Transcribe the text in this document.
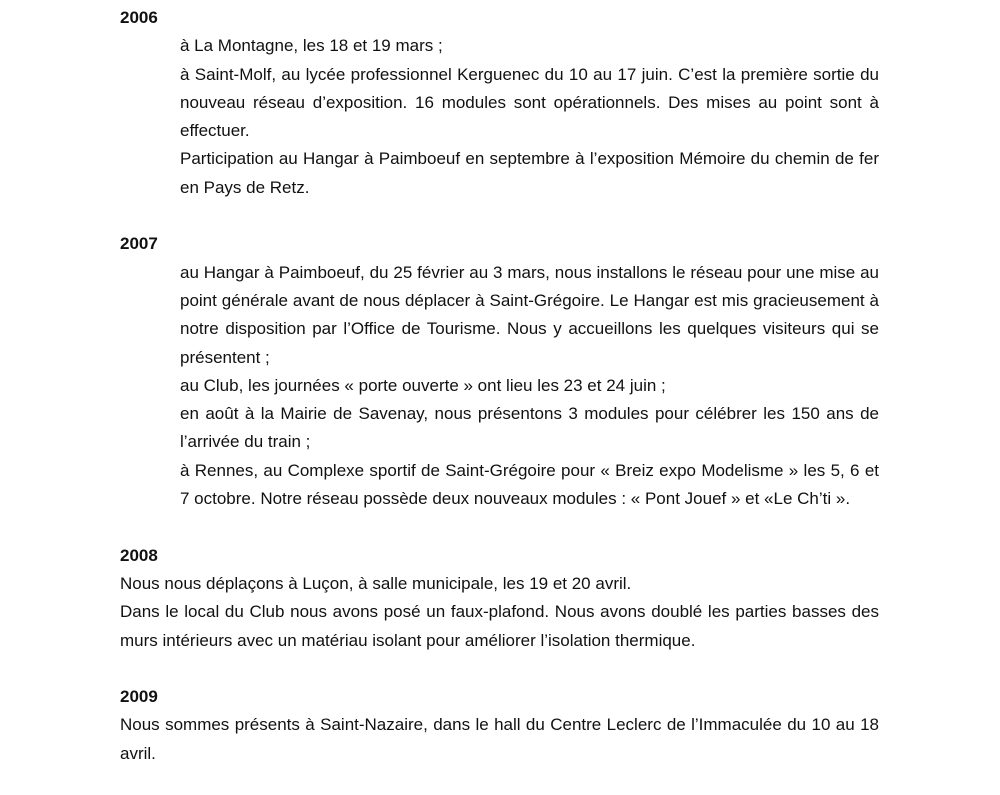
2006

à La Montagne, les 18 et 19 mars ;

à Saint-Molf, au lycée professionnel Kerguenec du 10 au 17 juin. C’est la première sortie du nouveau réseau d’exposition. 16 modules sont opérationnels. Des mises au point sont à effectuer.

Participation au Hangar à Paimboeuf en septembre à l’exposition Mémoire du chemin de fer en Pays de Retz.

2007

au Hangar à Paimboeuf, du 25 février au 3 mars, nous installons le réseau pour une mise au point générale avant de nous déplacer à Saint-Grégoire. Le Hangar est mis gracieusement à notre disposition par l’Office de Tourisme. Nous y accueillons les quelques visiteurs qui se présentent ;

au Club, les journées « porte ouverte » ont lieu les 23 et 24 juin ;

en août à la Mairie de Savenay, nous présentons 3 modules pour célébrer les 150 ans de l’arrivée du train ;

à Rennes, au Complexe sportif de Saint-Grégoire pour « Breiz expo Modelisme » les 5, 6 et 7 octobre. Notre réseau possède deux nouveaux modules : « Pont Jouef » et «Le Ch’ti ».

2008

Nous nous déplaçons à Luçon, à salle municipale, les 19 et 20 avril.

Dans le local du Club nous avons posé un faux-plafond. Nous avons doublé les parties basses des murs intérieurs avec un matériau isolant pour améliorer l’isolation thermique.

2009

Nous sommes présents à Saint-Nazaire, dans le hall du Centre Leclerc de l’Immaculée du 10 au 18 avril.
